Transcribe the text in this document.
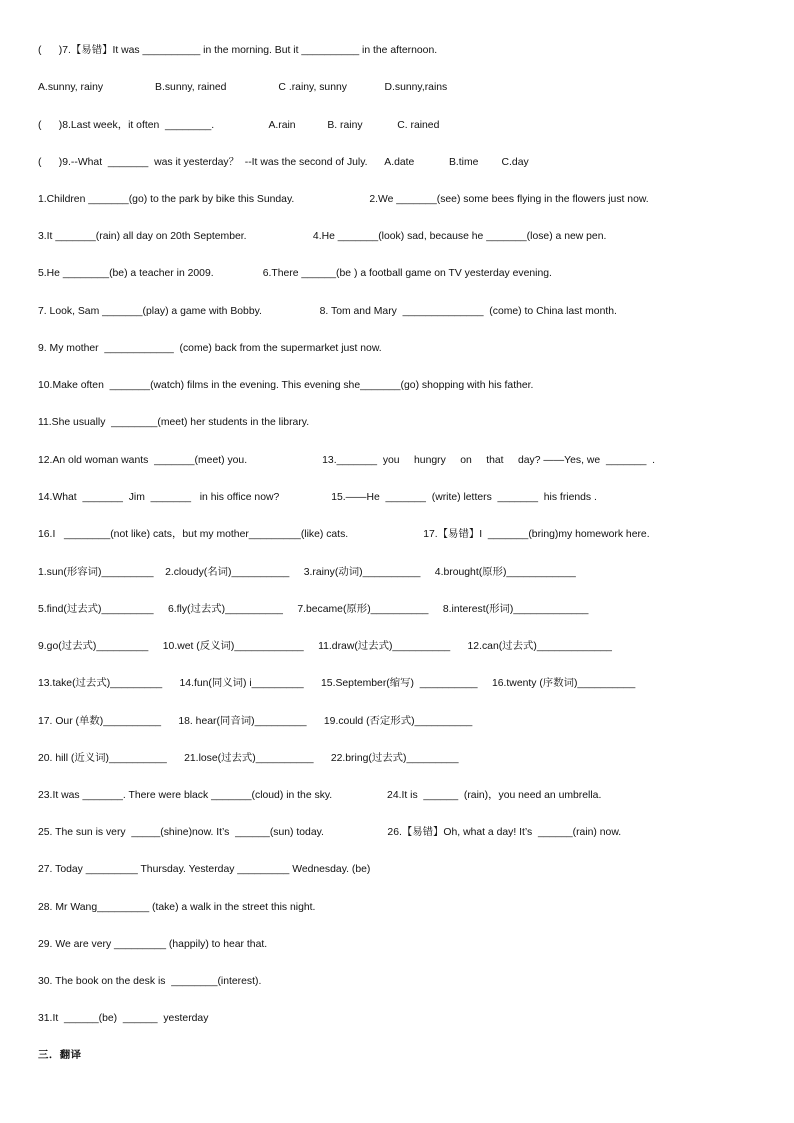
(      )7.【易错】It was __________ in the morning. But it __________ in the afternoon.
A.sunny, rainy                  B.sunny, rained                  C .rainy, sunny             D.sunny,rains
(      )8.Last week，it often  ________.                   A.rain           B. rainy            C. rained
(      )9.--What  _______  was it yesterday？  --It was the second of July.      A.date            B.time        C.day
1.Children _______(go) to the park by bike this Sunday.                          2.We _______(see) some bees flying in the flowers just now.
3.It _______(rain) all day on 20th September.                       4.He _______(look) sad, because he _______(lose) a new pen.
5.He ________(be) a teacher in 2009.                 6.There ______(be ) a football game on TV yesterday evening.
7. Look, Sam _______(play) a game with Bobby.                    8. Tom and Mary  ______________  (come) to China last month.
9. My mother  ____________  (come) back from the supermarket just now.
10.Make often  _______(watch) films in the evening. This evening she_______(go) shopping with his father.
11.She usually  ________(meet) her students in the library.
12.An old woman wants  _______(meet) you.                          13._______  you     hungry     on     that     day? ——Yes, we  _______  .
14.What  _______  Jim  _______   in his office now?                  15.——He  _______  (write) letters  _______  his friends .
16.I   ________(not like) cats，but my mother_________(like) cats.                          17.【易错】I  _______(bring)my homework here.
1.sun(形容词)_________    2.cloudy(名词)__________     3.rainy(动词)__________     4.brought(原形)____________
5.find(过去式)_________     6.fly(过去式)__________     7.became(原形)__________     8.interest(形词)_____________
9.go(过去式)_________     10.wet (反义词)____________     11.draw(过去式)__________      12.can(过去式)_____________
13.take(过去式)_________      14.fun(同义词) i_________      15.September(缩写)  __________     16.twenty (序数词)__________
17. Our (单数)__________      18. hear(同音词)_________      19.could (否定形式)__________
20. hill (近义词)__________      21.lose(过去式)__________      22.bring(过去式)_________
23.It was _______. There were black _______(cloud) in the sky.                   24.It is  ______  (rain)，you need an umbrella.
25. The sun is very  _____(shine)now. It’s  ______(sun) today.                      26.【易错】Oh, what a day! It’s  ______(rain) now.
27. Today _________ Thursday. Yesterday _________ Wednesday. (be)
28. Mr Wang_________ (take) a walk in the street this night.
29. We are very _________ (happily) to hear that.
30. The book on the desk is  ________(interest).
31.It  ______(be)  ______  yesterday
三．翻译
